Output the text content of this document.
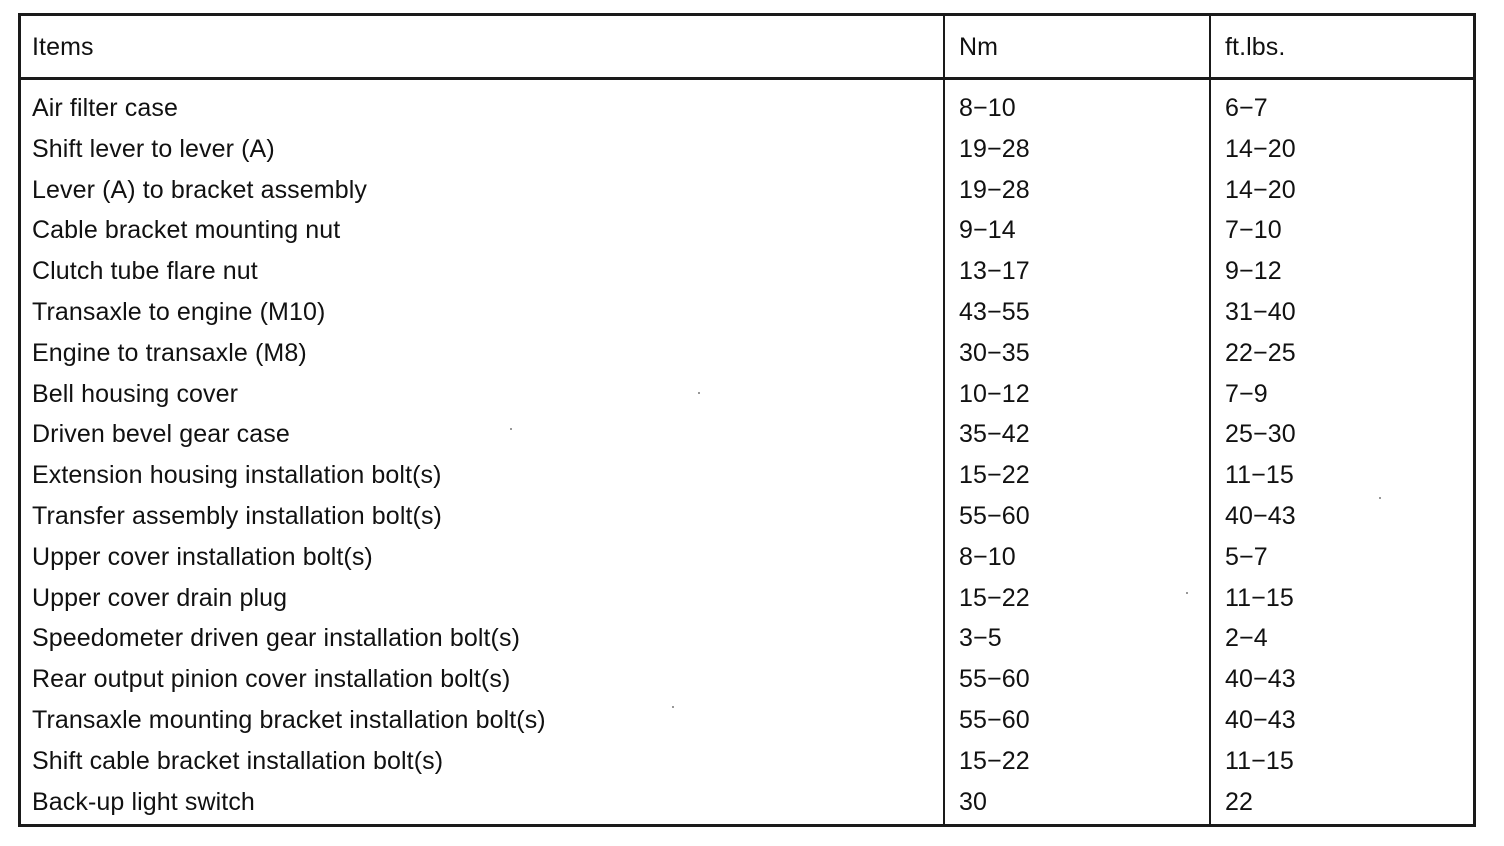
Items	Nm	ft.lbs.
Air filter case	8−10	6−7
Shift lever to lever (A)	19−28	14−20
Lever (A) to bracket assembly	19−28	14−20
Cable bracket mounting nut	9−14	7−10
Clutch tube flare nut	13−17	9−12
Transaxle to engine (M10)	43−55	31−40
Engine to transaxle (M8)	30−35	22−25
Bell housing cover	10−12	7−9
Driven bevel gear case	35−42	25−30
Extension housing installation bolt(s)	15−22	11−15
Transfer assembly installation bolt(s)	55−60	40−43
Upper cover installation bolt(s)	8−10	5−7
Upper cover drain plug	15−22	11−15
Speedometer driven gear installation bolt(s)	3−5	2−4
Rear output pinion cover installation bolt(s)	55−60	40−43
Transaxle mounting bracket installation bolt(s)	55−60	40−43
Shift cable bracket installation bolt(s)	15−22	11−15
Back-up light switch	30	22
